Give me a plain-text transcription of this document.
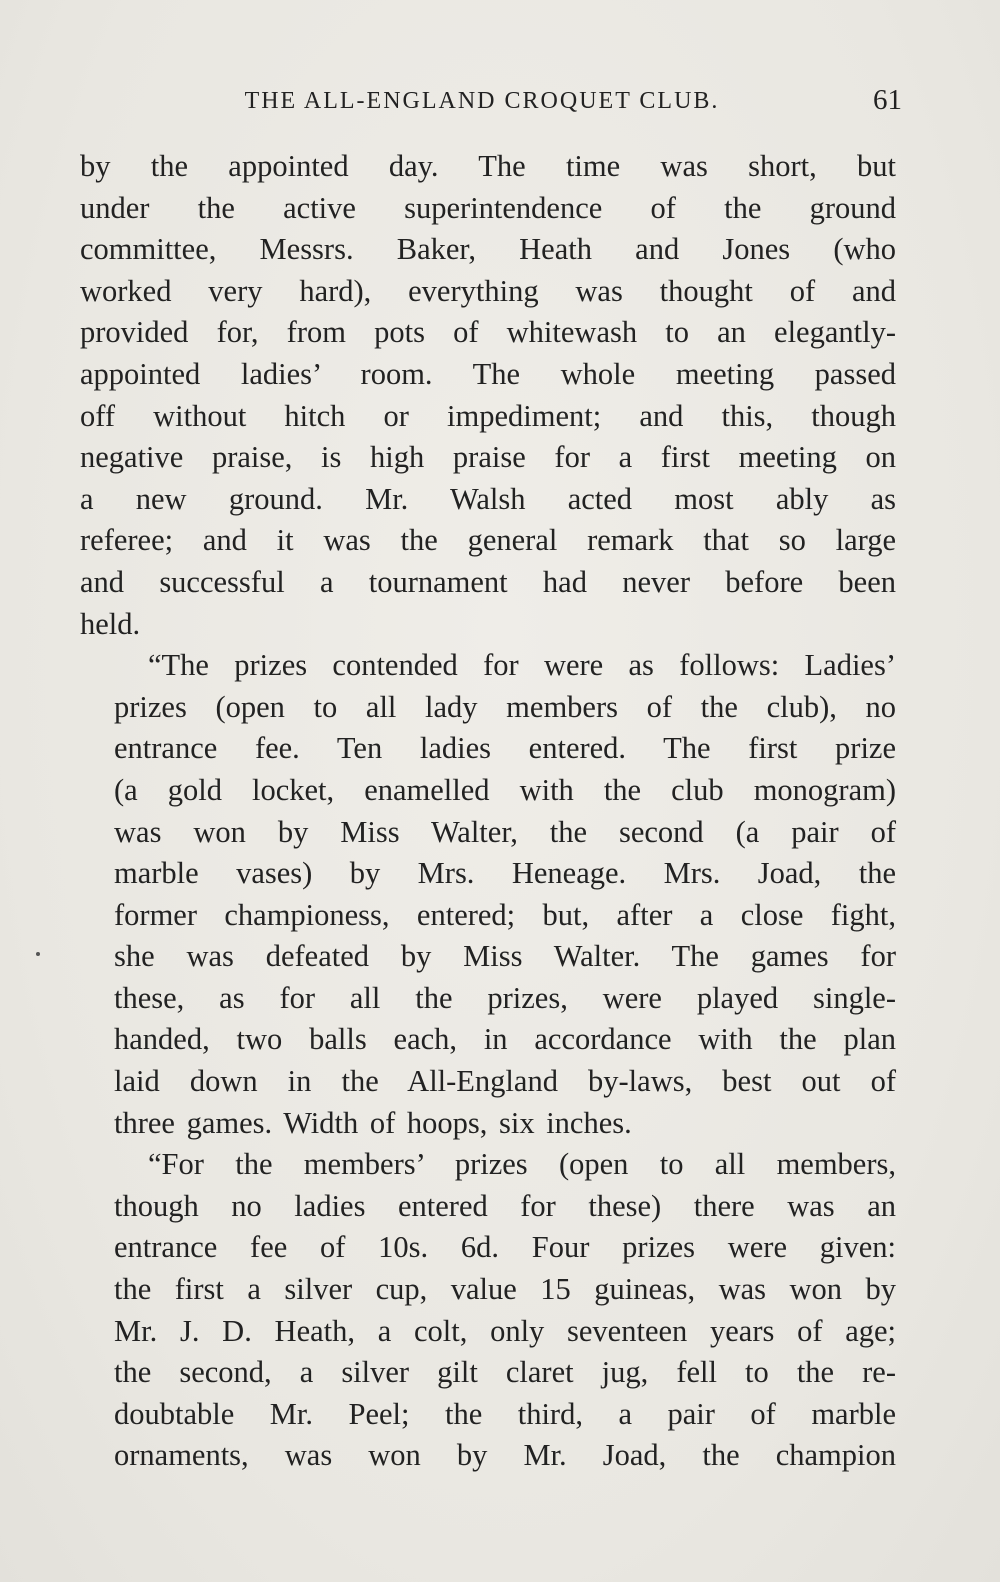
THE ALL-ENGLAND CROQUET CLUB.	61

by the appointed day. The time was short, but
under the active superintendence of the ground
committee, Messrs. Baker, Heath and Jones (who
worked very hard), everything was thought of and
provided for, from pots of whitewash to an elegantly-
appointed ladies’ room. The whole meeting passed
off without hitch or impediment; and this, though
negative praise, is high praise for a first meeting on
a new ground. Mr. Walsh acted most ably as
referee; and it was the general remark that so large
and successful a tournament had never before been
held.

“The prizes contended for were as follows: Ladies’
prizes (open to all lady members of the club), no
entrance fee. Ten ladies entered. The first prize
(a gold locket, enamelled with the club monogram)
was won by Miss Walter, the second (a pair of
marble vases) by Mrs. Heneage. Mrs. Joad, the
former championess, entered; but, after a close fight,
she was defeated by Miss Walter. The games for
these, as for all the prizes, were played single-
handed, two balls each, in accordance with the plan
laid down in the All-England by-laws, best out of
three games. Width of hoops, six inches.

“For the members’ prizes (open to all members,
though no ladies entered for these) there was an
entrance fee of 10s. 6d. Four prizes were given:
the first a silver cup, value 15 guineas, was won by
Mr. J. D. Heath, a colt, only seventeen years of age;
the second, a silver gilt claret jug, fell to the re-
doubtable Mr. Peel; the third, a pair of marble
ornaments, was won by Mr. Joad, the champion
